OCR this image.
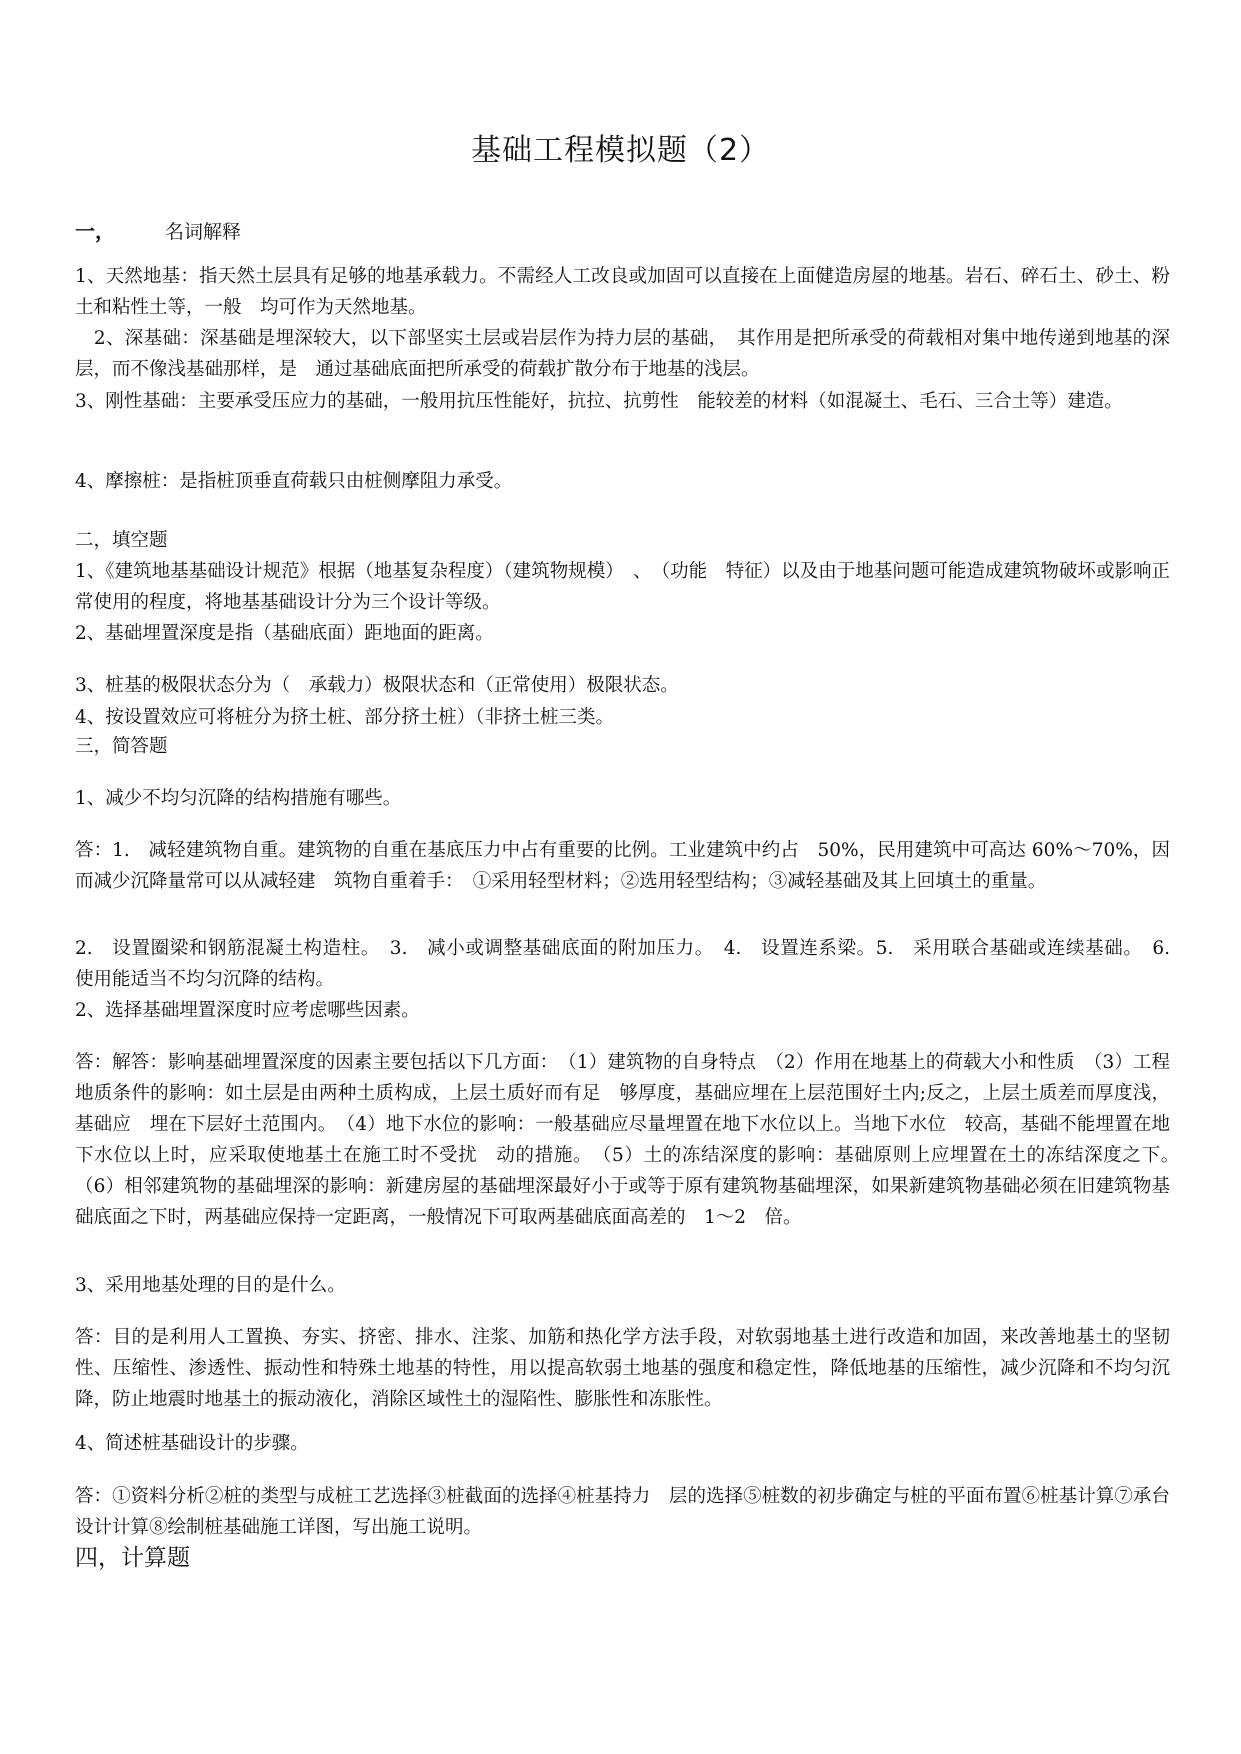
基础工程模拟题（2）
一，	名词解释

1、天然地基：指天然土层具有足够的地基承载力。不需经人工改良或加固可以直接在上面健造房屋的地基。岩石、碎石土、砂土、粉土和粘性土等，一般　均可作为天然地基。

　2、深基础：深基础是埋深较大，以下部坚实土层或岩层作为持力层的基础，　其作用是把所承受的荷载相对集中地传递到地基的深层，而不像浅基础那样，是　通过基础底面把所承受的荷载扩散分布于地基的浅层。

3、刚性基础：主要承受压应力的基础，一般用抗压性能好，抗拉、抗剪性　能较差的材料（如混凝土、毛石、三合土等）建造。

4、摩擦桩：是指桩顶垂直荷载只由桩侧摩阻力承受。

二，填空题

1、《建筑地基基础设计规范》根据（地基复杂程度）（建筑物规模）　、　（功能　特征）以及由于地基问题可能造成建筑物破坏或影响正常使用的程度，将地基基础设计分为三个设计等级。

2、基础埋置深度是指（基础底面）距地面的距离。

3、桩基的极限状态分为（　承载力）极限状态和（正常使用）极限状态。

4、按设置效应可将桩分为挤土桩、部分挤土桩）（非挤土桩三类。

三，简答题

1、减少不均匀沉降的结构措施有哪些。

答：1.　减轻建筑物自重。建筑物的自重在基底压力中占有重要的比例。工业建筑中约占　50%，民用建筑中可高达 60%～70%，因而减少沉降量常可以从减轻建　筑物自重着手：　①采用轻型材料；②选用轻型结构；③减轻基础及其上回填土的重量。

2.　设置圈梁和钢筋混凝土构造柱。　3.　减小或调整基础底面的附加压力。　4.　设置连系梁。5.　采用联合基础或连续基础。　6.　使用能适当不均匀沉降的结构。

2、选择基础埋置深度时应考虑哪些因素。

答：解答：影响基础埋置深度的因素主要包括以下几方面：　（1）建筑物的自身特点　（2）作用在地基上的荷载大小和性质　（3）工程地质条件的影响：如土层是由两种土质构成，上层土质好而有足　够厚度，基础应埋在上层范围好土内;反之，上层土质差而厚度浅，基础应　埋在下层好土范围内。　（4）地下水位的影响：一般基础应尽量埋置在地下水位以上。当地下水位　较高，基础不能埋置在地下水位以上时，应采取使地基土在施工时不受扰　动的措施。　（5）土的冻结深度的影响：基础原则上应埋置在土的冻结深度之下。　（6）相邻建筑物的基础埋深的影响：新建房屋的基础埋深最好小于或等于原有建筑物基础埋深，如果新建筑物基础必须在旧建筑物基础底面之下时，两基础应保持一定距离，一般情况下可取两基础底面高差的　1～2　倍。

3、采用地基处理的目的是什么。

答：目的是利用人工置换、夯实、挤密、排水、注浆、加筋和热化学方法手段，对软弱地基土进行改造和加固，来改善地基土的坚韧性、压缩性、渗透性、振动性和特殊土地基的特性，用以提高软弱土地基的强度和稳定性，降低地基的压缩性，减少沉降和不均匀沉降，防止地震时地基土的振动液化，消除区域性土的湿陷性、膨胀性和冻胀性。

4、简述桩基础设计的步骤。

答：①资料分析②桩的类型与成桩工艺选择③桩截面的选择④桩基持力　层的选择⑤桩数的初步确定与桩的平面布置⑥桩基计算⑦承台设计计算⑧绘制桩基础施工详图，写出施工说明。

四，计算题
